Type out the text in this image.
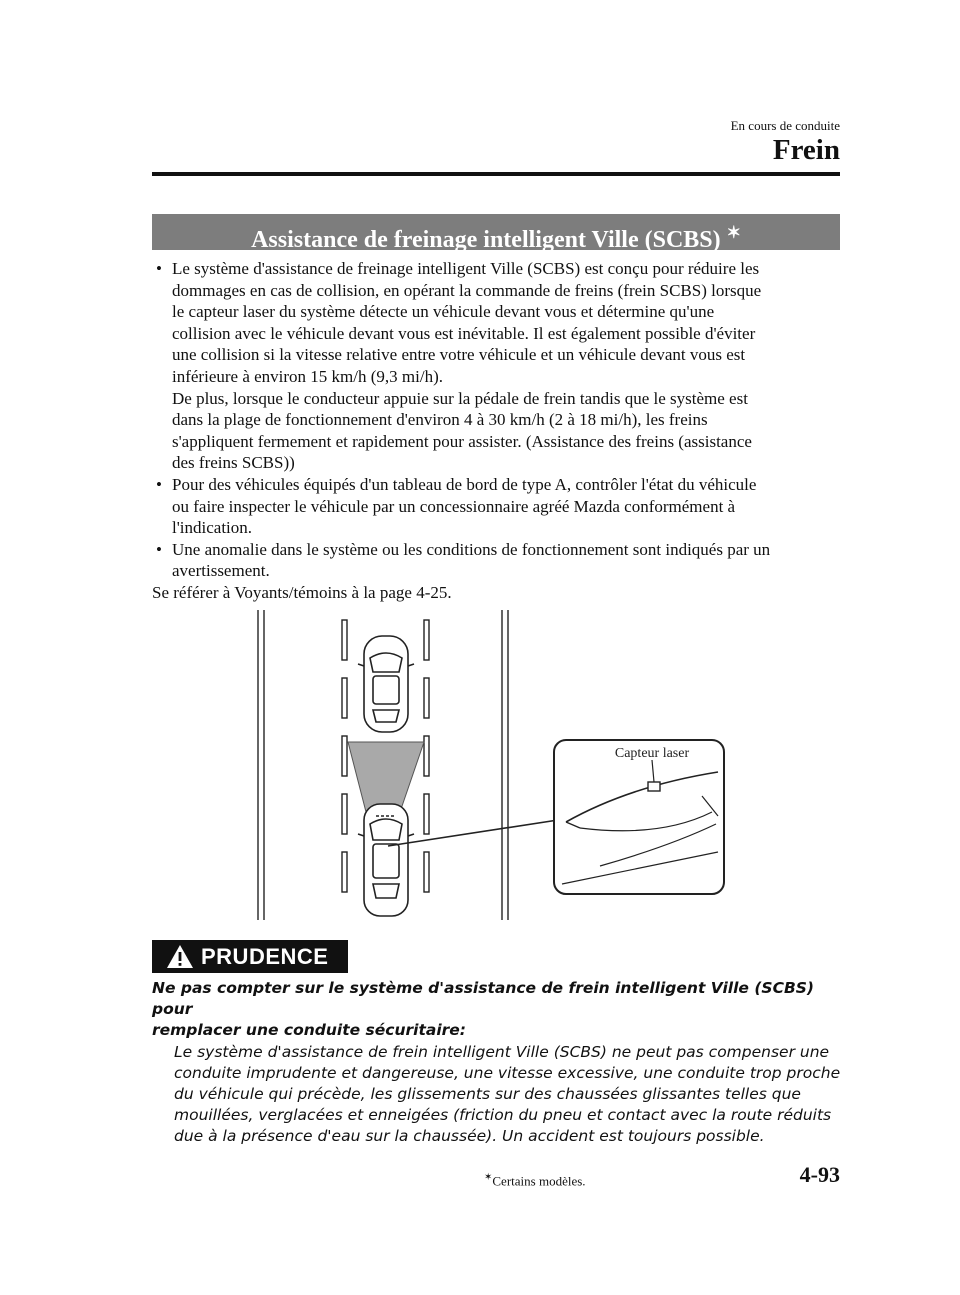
En cours de conduite
Frein
Assistance de freinage intelligent Ville (SCBS) ✶
• Le système d'assistance de freinage intelligent Ville (SCBS) est conçu pour réduire les

dommages en cas de collision, en opérant la commande de freins (frein SCBS) lorsque

le capteur laser du système détecte un véhicule devant vous et détermine qu'une

collision avec le véhicule devant vous est inévitable. Il est également possible d'éviter

une collision si la vitesse relative entre votre véhicule et un véhicule devant vous est

inférieure à environ 15 km/h (9,3 mi/h).

De plus, lorsque le conducteur appuie sur la pédale de frein tandis que le système est

dans la plage de fonctionnement d'environ 4 à 30 km/h (2 à 18 mi/h), les freins

s'appliquent fermement et rapidement pour assister. (Assistance des freins (assistance

des freins SCBS))

• Pour des véhicules équipés d'un tableau de bord de type A, contrôler l'état du véhicule

ou faire inspecter le véhicule par un concessionnaire agréé Mazda conformément à

l'indication.

• Une anomalie dans le système ou les conditions de fonctionnement sont indiqués par un

avertissement.

Se référer à Voyants/témoins à la page 4-25.

Capteur laser
PRUDENCE

Ne pas compter sur le système d'assistance de frein intelligent Ville (SCBS) pour

remplacer une conduite sécuritaire:

Le système d'assistance de frein intelligent Ville (SCBS) ne peut pas compenser une

conduite imprudente et dangereuse, une vitesse excessive, une conduite trop proche

du véhicule qui précède, les glissements sur des chaussées glissantes telles que

mouillées, verglacées et enneigées (friction du pneu et contact avec la route réduits

due à la présence d'eau sur la chaussée). Un accident est toujours possible.

✶Certains modèles.	4-93
